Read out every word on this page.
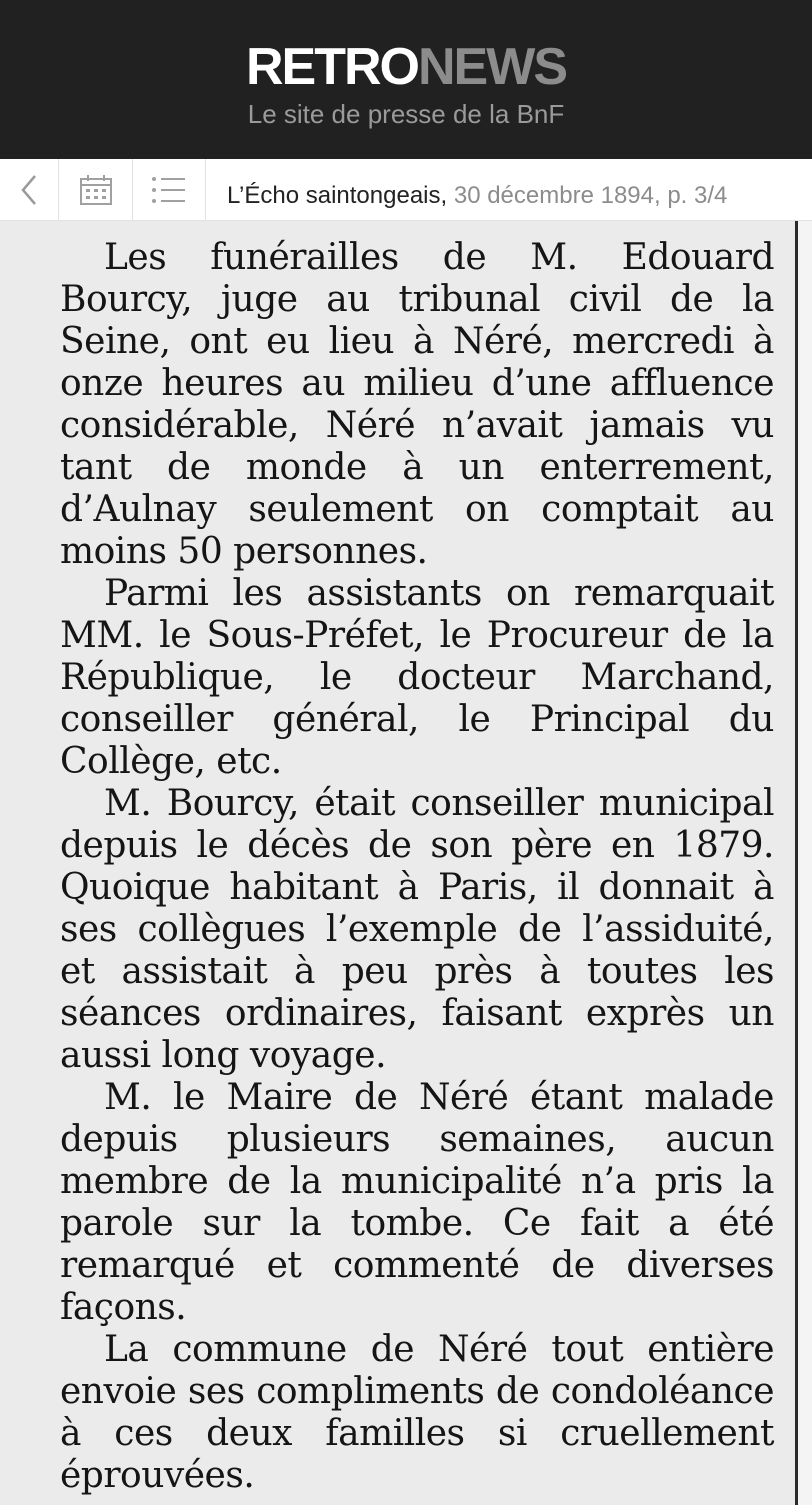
RETRONEWS
Le site de presse de la BnF
L’Écho saintongeais, 30 décembre 1894, p. 3/4

Les funérailles de M. Edouard Bourcy, juge au tribunal civil de la Seine, ont eu lieu à Néré, mercredi à onze heures au milieu d’une affluence considérable, Néré n’avait jamais vu tant de monde à un enterrement, d’Aulnay seulement on comptait au moins 50 personnes.

Parmi les assistants on remarquait MM. le Sous-Préfet, le Procureur de la République, le docteur Marchand, conseiller général, le Principal du Collège, etc.

M. Bourcy, était conseiller municipal depuis le décès de son père en 1879. Quoique habitant à Paris, il donnait à ses collègues l’exemple de l’assiduité, et assistait à peu près à toutes les séances ordinaires, faisant exprès un aussi long voyage.

M. le Maire de Néré étant malade depuis plusieurs semaines, aucun membre de la municipalité n’a pris la parole sur la tombe. Ce fait a été remarqué et commenté de diverses façons.

La commune de Néré tout entière envoie ses compliments de condoléance à ces deux familles si cruellement éprouvées.
